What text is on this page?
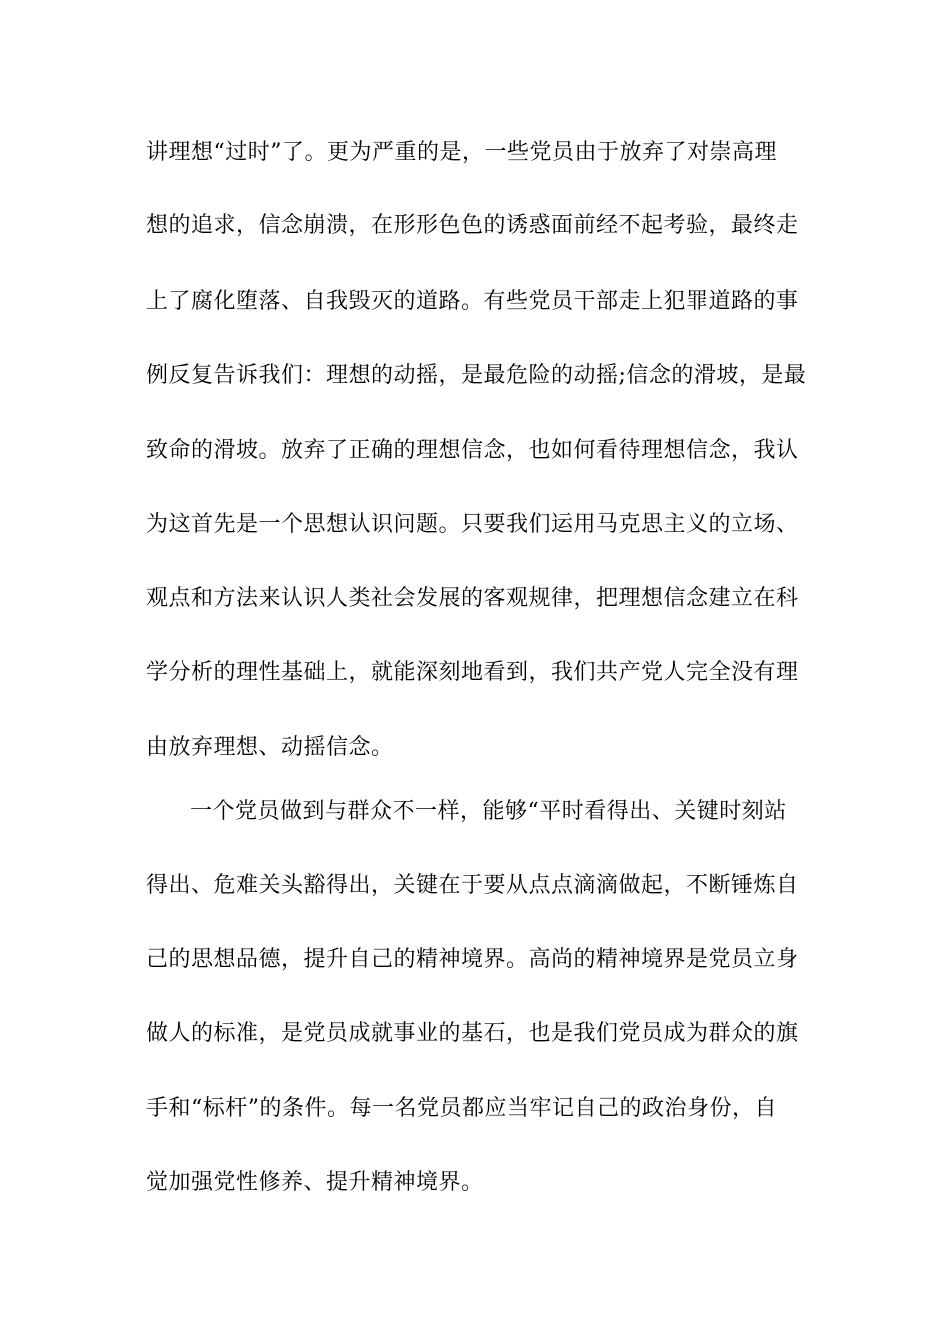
讲理想“过时”了。更为严重的是，一些党员由于放弃了对崇高理
想的追求，信念崩溃，在形形色色的诱惑面前经不起考验，最终走
上了腐化堕落、自我毁灭的道路。有些党员干部走上犯罪道路的事
例反复告诉我们：理想的动摇，是最危险的动摇;信念的滑坡，是最
致命的滑坡。放弃了正确的理想信念，也如何看待理想信念，我认
为这首先是一个思想认识问题。只要我们运用马克思主义的立场、
观点和方法来认识人类社会发展的客观规律，把理想信念建立在科
学分析的理性基础上，就能深刻地看到，我们共产党人完全没有理
由放弃理想、动摇信念。
一个党员做到与群众不一样，能够“平时看得出、关键时刻站
得出、危难关头豁得出，关键在于要从点点滴滴做起，不断锤炼自
己的思想品德，提升自己的精神境界。高尚的精神境界是党员立身
做人的标准，是党员成就事业的基石，也是我们党员成为群众的旗
手和“标杆”的条件。每一名党员都应当牢记自己的政治身份，自
觉加强党性修养、提升精神境界。
